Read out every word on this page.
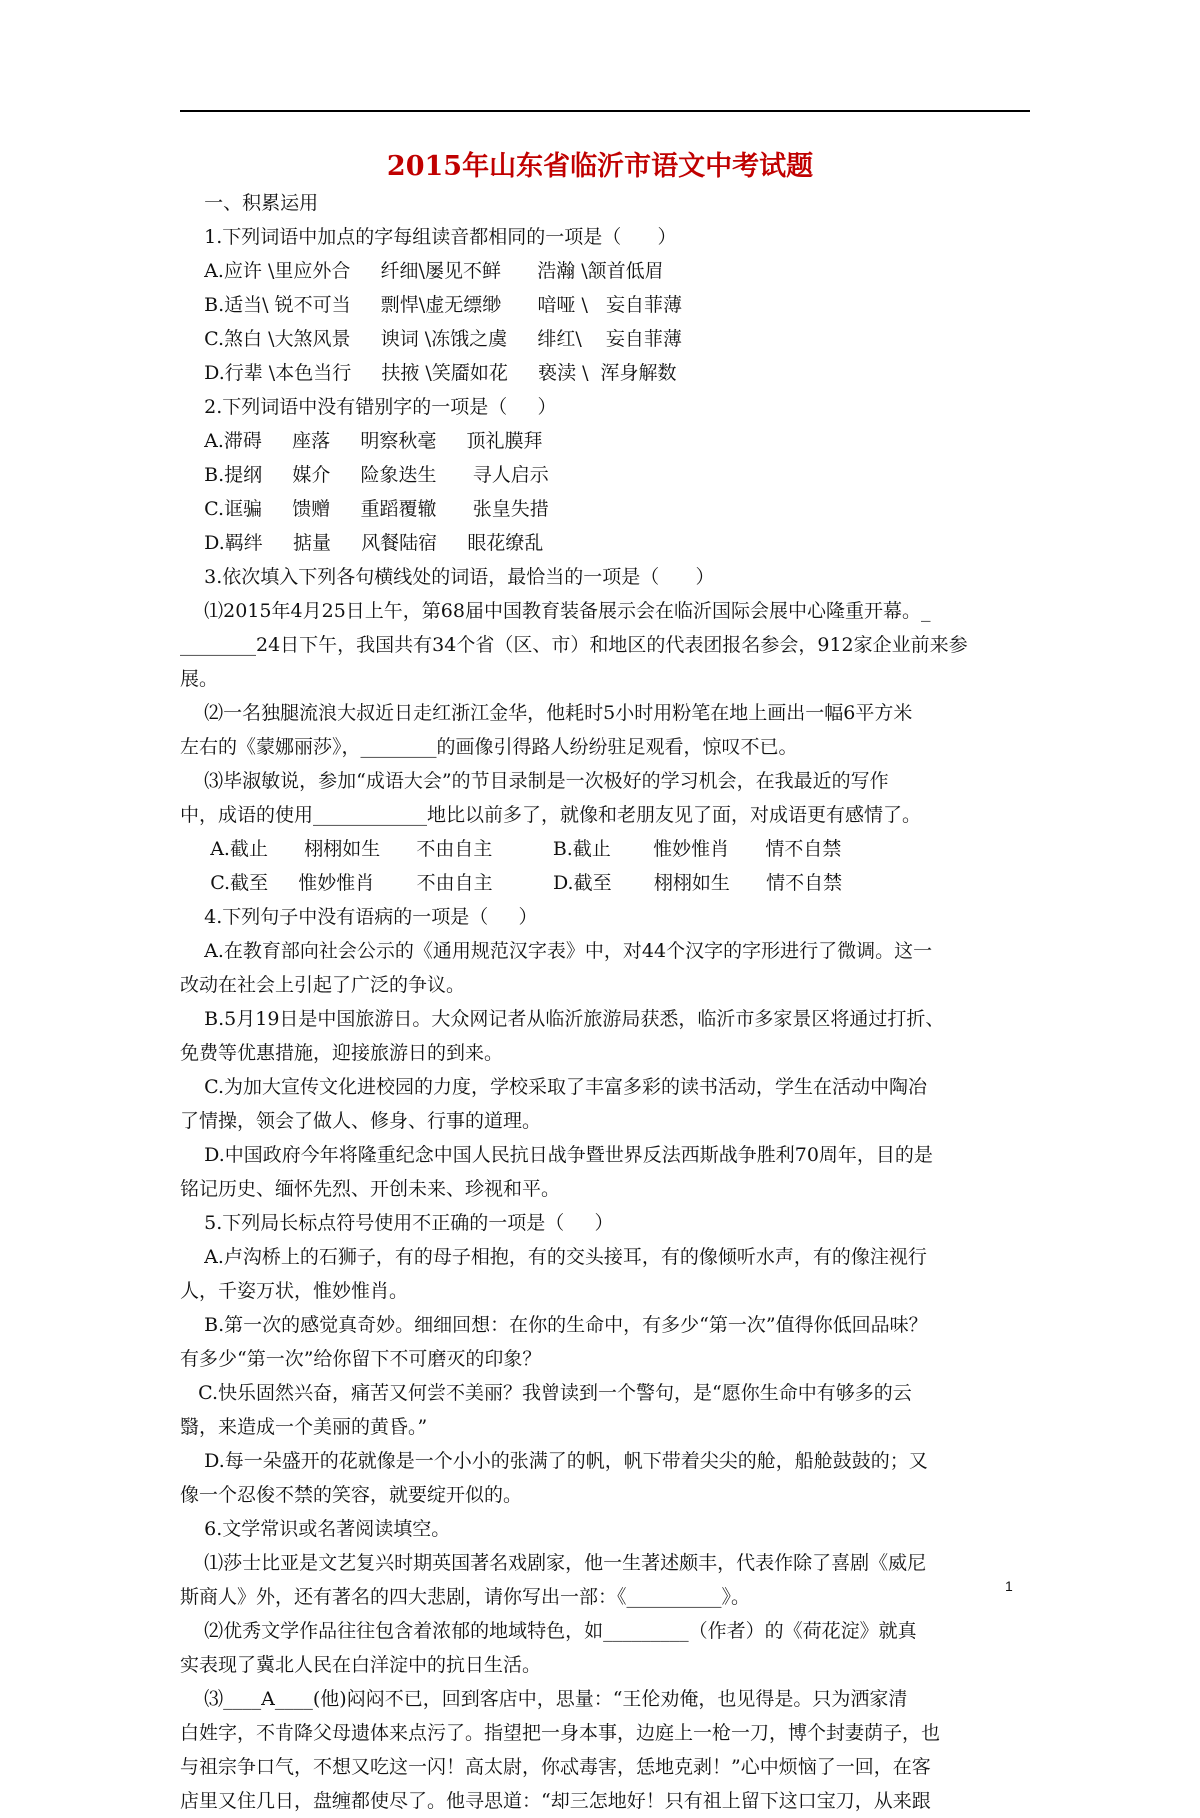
2015年山东省临沂市语文中考试题
一、积累运用
1.下列词语中加点的字每组读音都相同的一项是（      ）
A.应许 \里应外合     纤细\屡见不鲜      浩瀚 \颔首低眉
B.适当\ 锐不可当     剽悍\虚无缥缈      喑哑 \   妄自菲薄
C.煞白 \大煞风景     谀词 \冻饿之虞     绯红\    妄自菲薄
D.行辈 \本色当行     扶掖 \笑靥如花     亵渎 \  浑身解数
2.下列词语中没有错别字的一项是（     ）
A.滞碍     座落     明察秋毫     顶礼膜拜
B.提纲     媒介     险象迭生      寻人启示
C.诓骗     馈赠     重蹈覆辙      张皇失措
D.羁绊     掂量     风餐陆宿     眼花缭乱
3.依次填入下列各句横线处的词语，最恰当的一项是（      ）
⑴2015年4月25日上午，第68届中国教育装备展示会在临沂国际会展中心隆重开幕。_
________24日下午，我国共有34个省（区、市）和地区的代表团报名参会，912家企业前来参
展。
⑵一名独腿流浪大叔近日走红浙江金华，他耗时5小时用粉笔在地上画出一幅6平方米
左右的《蒙娜丽莎》，________的画像引得路人纷纷驻足观看，惊叹不已。
⑶毕淑敏说，参加“成语大会”的节目录制是一次极好的学习机会，在我最近的写作
中，成语的使用____________地比以前多了，就像和老朋友见了面，对成语更有感情了。
A.截止      栩栩如生      不由自主          B.截止       惟妙惟肖      情不自禁
C.截至     惟妙惟肖       不由自主          D.截至       栩栩如生      情不自禁
4.下列句子中没有语病的一项是（     ）
A.在教育部向社会公示的《通用规范汉字表》中，对44个汉字的字形进行了微调。这一
改动在社会上引起了广泛的争议。
B.5月19日是中国旅游日。大众网记者从临沂旅游局获悉，临沂市多家景区将通过打折、
免费等优惠措施，迎接旅游日的到来。
C.为加大宣传文化进校园的力度，学校采取了丰富多彩的读书活动，学生在活动中陶冶
了情操，领会了做人、修身、行事的道理。
D.中国政府今年将隆重纪念中国人民抗日战争暨世界反法西斯战争胜利70周年，目的是
铭记历史、缅怀先烈、开创未来、珍视和平。
5.下列局长标点符号使用不正确的一项是（     ）
A.卢沟桥上的石狮子，有的母子相抱，有的交头接耳，有的像倾听水声，有的像注视行
人，千姿万状，惟妙惟肖。
B.第一次的感觉真奇妙。细细回想：在你的生命中，有多少“第一次”值得你低回品味？
有多少“第一次”给你留下不可磨灭的印象？
C.快乐固然兴奋，痛苦又何尝不美丽？我曾读到一个警句，是“愿你生命中有够多的云
翳，来造成一个美丽的黄昏。”
D.每一朵盛开的花就像是一个小小的张满了的帆，帆下带着尖尖的舱，船舱鼓鼓的；又
像一个忍俊不禁的笑容，就要绽开似的。
6.文学常识或名著阅读填空。
⑴莎士比亚是文艺复兴时期英国著名戏剧家，他一生著述颇丰，代表作除了喜剧《威尼
斯商人》外，还有著名的四大悲剧，请你写出一部：《__________》。
⑵优秀文学作品往往包含着浓郁的地域特色，如_________（作者）的《荷花淀》就真
实表现了冀北人民在白洋淀中的抗日生活。
⑶____A____(他)闷闷不已，回到客店中，思量：“王伦劝俺，也见得是。只为洒家清
白姓字，不肯降父母遗体来点污了。指望把一身本事，边庭上一枪一刀，博个封妻荫子，也
与祖宗争口气，不想又吃这一闪！高太尉，你忒毒害，恁地克剥！”心中烦恼了一回，在客
店里又住几日，盘缠都使尽了。他寻思道：“却三怎地好！只有祖上留下这口宝刀，从来跟
1
